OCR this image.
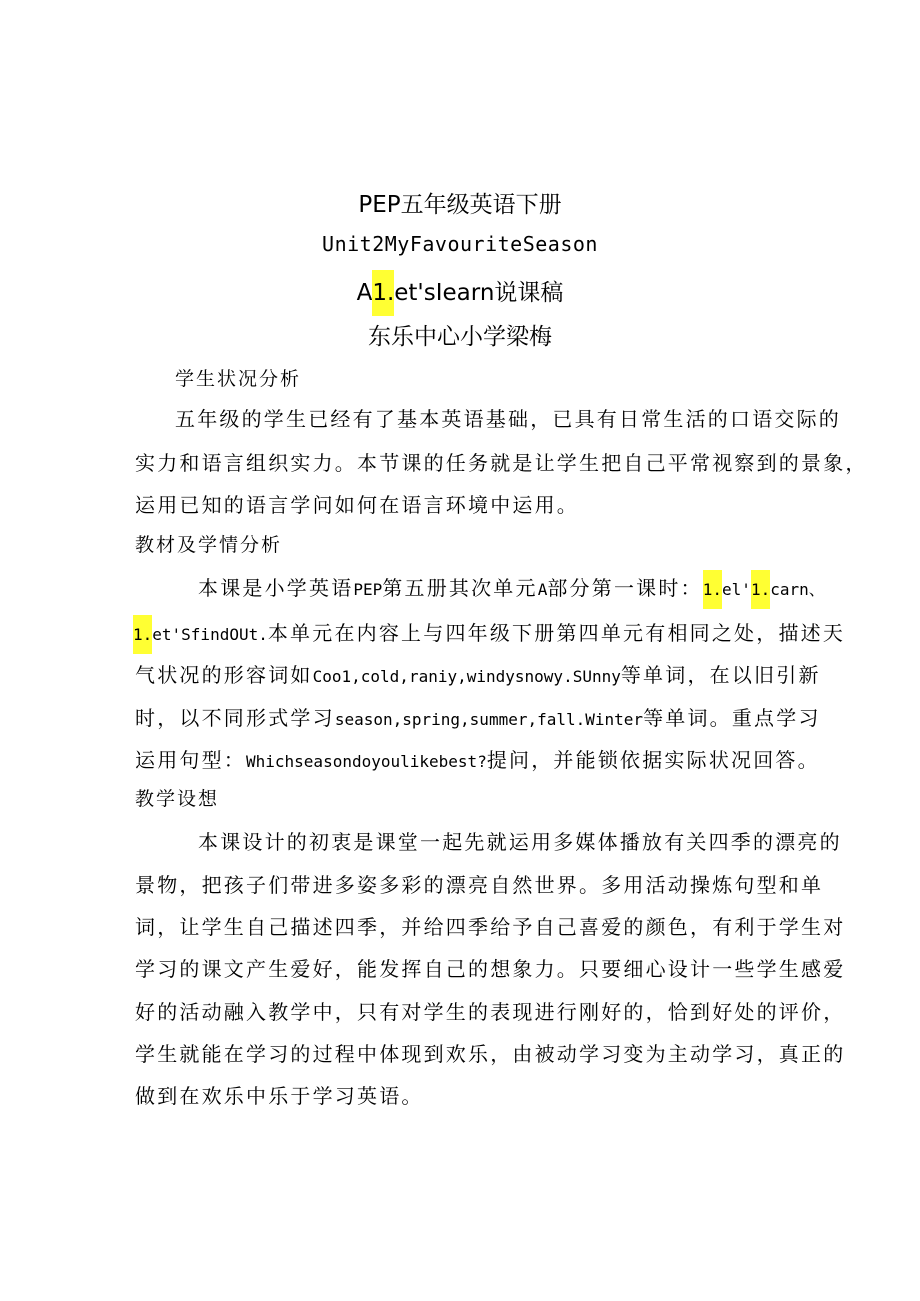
PEP五年级英语下册
Unit2MyFavouriteSeason
A1.et'sIearn说课稿
东乐中心小学梁梅
学生状况分析
五年级的学生已经有了基本英语基础，已具有日常生活的口语交际的
实力和语言组织实力。本节课的任务就是让学生把自己平常视察到的景象，
运用已知的语言学问如何在语言环境中运用。
教材及学情分析
本课是小学英语PEP第五册其次单元A部分第一课时：1.el'1.carn、
1.et'SfindOUt.本单元在内容上与四年级下册第四单元有相同之处，描述天
气状况的形容词如Coo1,cold,raniy,windysnowy.SUnny等单词，在以旧引新
时，以不同形式学习season,spring,summer,fall.Winter等单词。重点学习
运用句型：Whichseasondoyoulikebest?提问，并能锁依据实际状况回答。
教学设想
本课设计的初衷是课堂一起先就运用多媒体播放有关四季的漂亮的
景物，把孩子们带进多姿多彩的漂亮自然世界。多用活动操炼句型和单
词，让学生自己描述四季，并给四季给予自己喜爱的颜色，有利于学生对
学习的课文产生爱好，能发挥自己的想象力。只要细心设计一些学生感爱
好的活动融入教学中，只有对学生的表现进行刚好的，恰到好处的评价，
学生就能在学习的过程中体现到欢乐，由被动学习变为主动学习，真正的
做到在欢乐中乐于学习英语。
